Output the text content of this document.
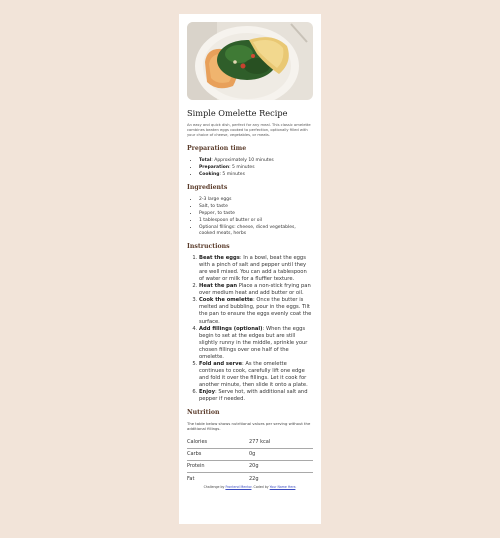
Simple Omelette Recipe

An easy and quick dish, perfect for any meal. This classic omelette combines beaten eggs cooked to perfection, optionally filled with your choice of cheese, vegetables, or meats.

Preparation time
• Total: Approximately 10 minutes
• Preparation: 5 minutes
• Cooking: 5 minutes
Ingredients
• 2-3 large eggs
• Salt, to taste
• Pepper, to taste
• 1 tablespoon of butter or oil
• Optional fillings: cheese, diced vegetables, cooked meats, herbs
Instructions
1. Beat the eggs: In a bowl, beat the eggs with a pinch of salt and pepper until they are well mixed. You can add a tablespoon of water or milk for a fluffier texture.
2. Heat the pan Place a non-stick frying pan over medium heat and add butter or oil.
3. Cook the omelette: Once the butter is melted and bubbling, pour in the eggs. Tilt the pan to ensure the eggs evenly coat the surface.
4. Add fillings (optional): When the eggs begin to set at the edges but are still slightly runny in the middle, sprinkle your chosen fillings over one half of the omelette.
5. Fold and serve: As the omelette continues to cook, carefully lift one edge and fold it over the fillings. Let it cook for another minute, then slide it onto a plate.
6. Enjoy: Serve hot, with additional salt and pepper if needed.
Nutrition

The table below shows nutritional values per serving without the additional fillings.

Calories	277 kcal
Carbs	0g
Protein	20g
Fat	22g
Challenge by Frontend Mentor. Coded by Your Name Here.
